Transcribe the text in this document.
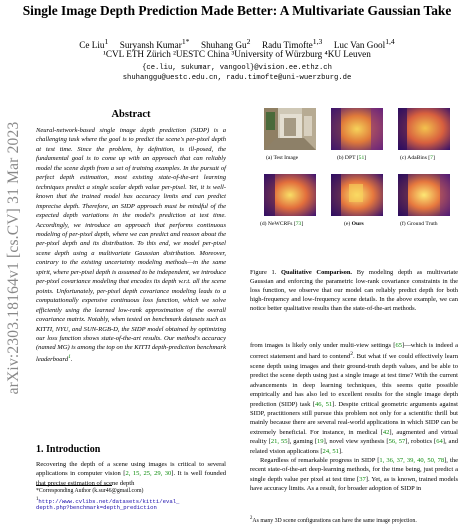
arXiv:2303.18164v1 [cs.CV] 31 Mar 2023
Single Image Depth Prediction Made Better: A Multivariate Gaussian Take
Ce Liu$^1$ Suryansh Kumar$^{1*}$ Shuhang Gu$^2$ Radu Timofte$^{1,3}$ Luc Van Gool$^{1,4}$
¹CVL ETH Zürich ²UESTC China ³University of Würzburg ⁴KU Leuven
{ce.liu, sukumar, vangool}@vision.ee.ethz.ch
shuhanggu@uestc.edu.cn, radu.timofte@uni-wuerzburg.de
Abstract
Neural-network-based single image depth prediction (SIDP) is a challenging task where the goal is to predict the scene's per-pixel depth at test time. Since the problem, by definition, is ill-posed, the fundamental goal is to come up with an approach that can reliably model the scene depth from a set of training examples. In the pursuit of perfect depth estimation, most existing state-of-the-art learning techniques predict a single scalar depth value per-pixel. Yet, it is well-known that the trained model has accuracy limits and can predict imprecise depth. Therefore, an SIDP approach must be mindful of the expected depth variations in the model's prediction at test time. Accordingly, we introduce an approach that performs continuous modeling of per-pixel depth, where we can predict and reason about the per-pixel depth and its distribution. To this end, we model per-pixel scene depth using a multivariate Gaussian distribution. Moreover, contrary to the existing uncertainty modeling methods—in the same spirit, where per-pixel depth is assumed to be independent, we introduce per-pixel covariance modeling that encodes its depth w.r.t. all the scene points. Unfortunately, per-pixel depth covariance modeling leads to a computationally expensive continuous loss function, which we solve efficiently using the learned low-rank approximation of the overall covariance matrix. Notably, when tested on benchmark datasets such as KITTI, NYU, and SUN-RGB-D, the SIDP model obtained by optimizing our loss function shows state-of-the-art results. Our method's accuracy (named MG) is among the top on the KITTI depth-prediction benchmark leaderboard$^1$.
1. Introduction
Recovering the depth of a scene using images is critical to several applications in computer vision [2, 15, 25, 29, 30]. It is well founded that precise estimation of scene depth
*Corresponding Author (k.sur46@gmail.com)
$^1$http://www.cvlibs.net/datasets/kitti/eval_
depth.php?benchmark=depth_prediction
(a) Test Image	(b) DPT [51]	(c) AdaBins [7]
(d) NeWCRFs [73]	(e) Ours	(f) Ground Truth
Figure 1. Qualitative Comparison. By modeling depth as multivariate Gaussian and enforcing the parametric low-rank covariance constraints in the loss function, we observe that our model can reliably predict depth for both high-frequency and low-frequency scene details. In the above example, we can notice better qualitative results than the state-of-the-art methods.
from images is likely only under multi-view settings [65]—which is indeed a correct statement and hard to contend$^2$. But what if we could effectively learn scene depth using images and their ground-truth depth values, and be able to predict the scene depth using just a single image at test time? With the current advancements in deep learning techniques, this seems quite possible empirically and has also led to excellent results for the single image depth prediction (SIDP) task [46, 51]. Despite critical geometric arguments against SIDP, practitioners still pursue this problem not only for a scientific thrill but mainly because there are several real-world applications in which SIDP can be extremely beneficial. For instance, in medical [42], augmented and virtual reality [21, 55], gaming [19], novel view synthesis [56, 57], robotics [64], and related vision applications [24, 51].
Regardless of remarkable progress in SIDP [1, 36, 37, 39, 40, 50, 78], the recent state-of-the-art deep-learning methods, for the time being, just predict a single depth value per pixel at test time [37]. Yet, as is known, trained models have accuracy limits. As a result, for broader adoption of SIDP in
$^2$As many 3D scene configurations can have the same image projection.
